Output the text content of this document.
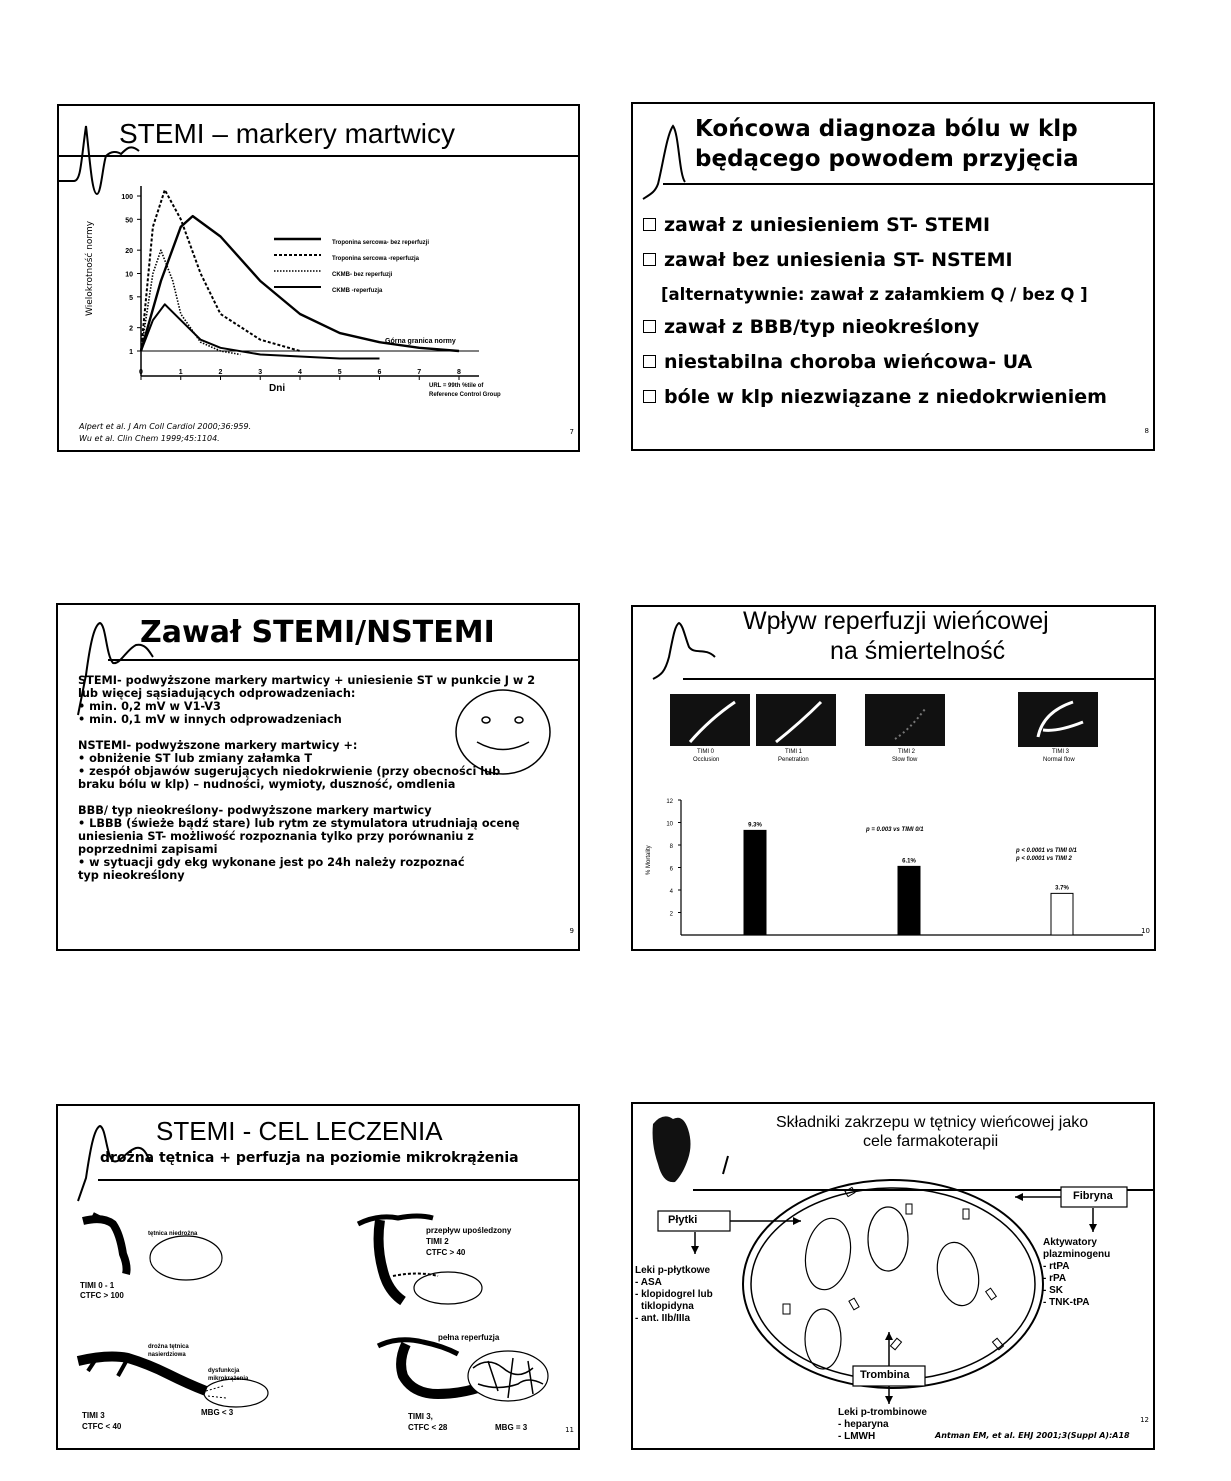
STEMI – markery martwicy
1
2
5
10
20
50
100
0	1	2	3	4	5	6	7	8
Wielokrotność normy
Dni
Troponina sercowa- bez reperfuzji
Troponina sercowa -reperfuzja
CKMB- bez reperfuzji
CKMB -reperfuzja
Górna granica normy
URL = 99th %tile of
Reference Control Group
Alpert et al. J Am Coll Cardiol 2000;36:959.
Wu et al. Clin Chem 1999;45:1104.
7
Końcowa diagnoza bólu w klp
będącego powodem przyjęcia
zawał z uniesieniem ST- STEMI
zawał bez uniesienia ST- NSTEMI
[alternatywnie: zawał z załamkiem Q / bez Q ]
zawał z BBB/typ nieokreślony
niestabilna choroba wieńcowa- UA
bóle w klp niezwiązane z niedokrwieniem
8
Zawał STEMI/NSTEMI
STEMI- podwyższone markery martwicy + uniesienie ST w punkcie J w 2
lub więcej sąsiadujących odprowadzeniach:
• min. 0,2 mV w V1-V3
• min. 0,1 mV w innych odprowadzeniach
NSTEMI- podwyższone markery martwicy +:
• obniżenie ST lub zmiany załamka T
• zespół objawów sugerujących niedokrwienie (przy obecności lub
braku bólu w klp) – nudności, wymioty, duszność, omdlenia
BBB/ typ nieokreślony- podwyższone markery martwicy
• LBBB (świeże bądź stare) lub rytm ze stymulatora utrudniają ocenę
uniesienia ST- możliwość rozpoznania tylko przy porównaniu z
poprzednimi zapisami
• w sytuacji gdy ekg wykonane jest po 24h należy rozpoznać
typ nieokreślony
9
Wpływ reperfuzji wieńcowej
na śmiertelność
TIMI 0
Occlusion
TIMI 1
Penetration
TIMI 2
Slow flow
TIMI 3
Normal flow
2
4
6
8
10
12
9.3%
6.1%
3.7%
% Mortality
p = 0.003 vs TIMI 0/1
p < 0.0001 vs TIMI 0/1
p < 0.0001 vs TIMI 2
10
STEMI - CEL LECZENIA
drożna tętnica + perfuzja na poziomie mikrokrążenia
tętnica niedrożna
TIMI 0 - 1
CTFC > 100
przepływ upośledzony
TIMI 2
CTFC > 40
drożna tętnica
nasierdziowa
dysfunkcja
mikrokrążenia
TIMI 3
CTFC < 40
MBG < 3
pełna reperfuzja
TIMI 3,
CTFC < 28	MBG = 3	11
Składniki zakrzepu w tętnicy wieńcowej jako
cele farmakoterapii
Płytki
Fibryna
Trombina
Leki p-płytkowe
- ASA
- klopidogrel lub
tiklopidyna
- ant. IIb/IIIa
Aktywatory
plazminogenu
- rtPA
- rPA
- SK
- TNK-tPA
Leki p-trombinowe
- heparyna
- LMWH	Antman EM, et al. EHJ 2001;3(Suppl A):A18
12
